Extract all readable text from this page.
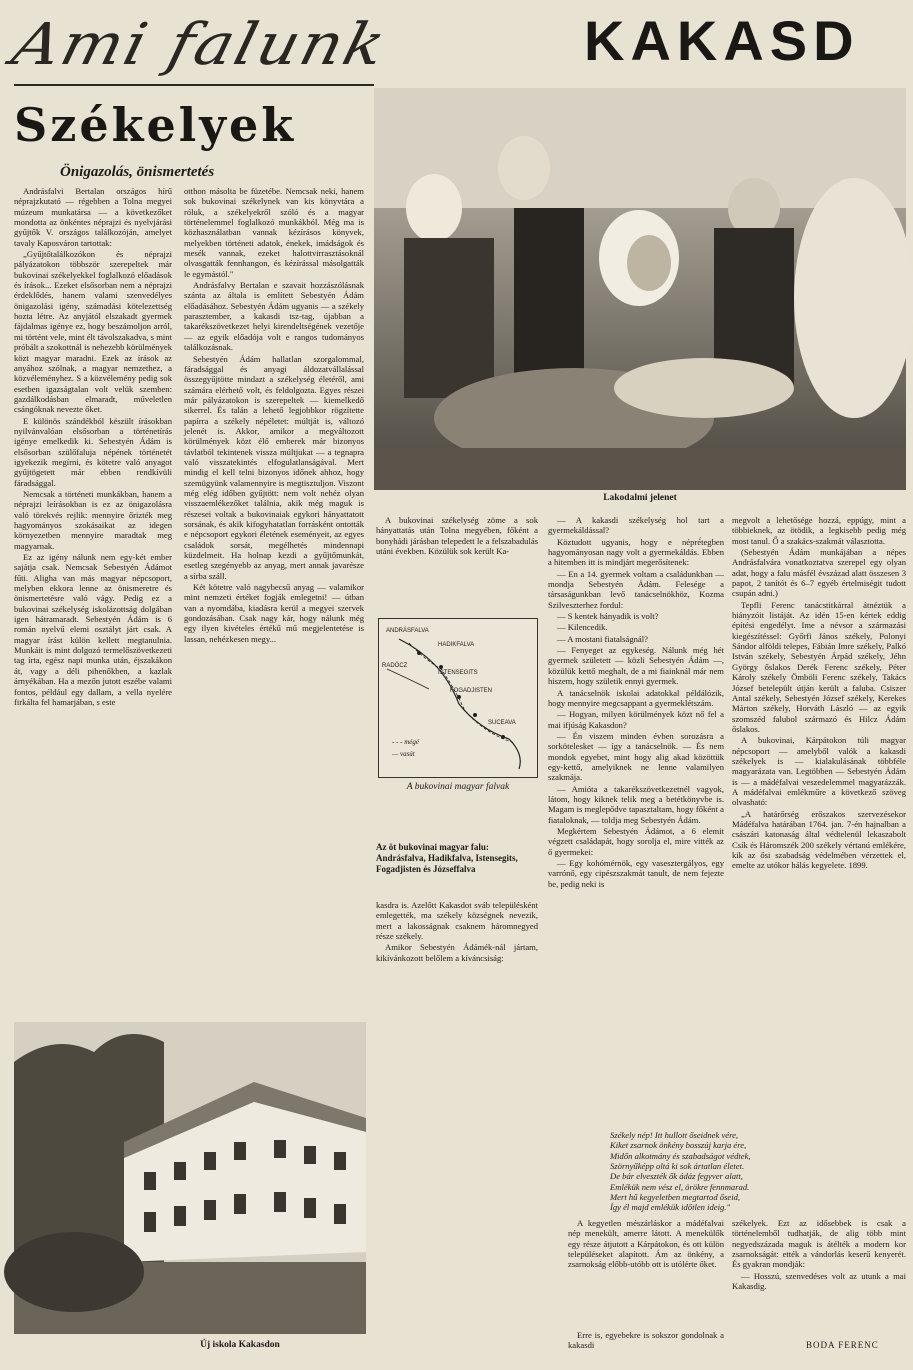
Ami falunk	KAKASD
Székelyek
Önigazolás, önismertetés
Lakodalmi jelenet

Andrásfalvi Bertalan országos hírű néprajzkutató — régebben a Tolna megyei múzeum munkatársa — a következőket mondotta az önkéntes néprajzi és nyelvjárási gyűjtők V. országos találkozóján, amelyet tavaly Kaposváron tartottak:

„Gyűjtőtalálkozókon és néprajzi pályázatokon többször szerepeltek már bukovinai székelyekkel foglalkozó előadások és írások... Ezeket elsősorban nem a néprajzi érdeklődés, hanem valami szenvedélyes önigazolási igény, számadási kötelezettség hozta létre. Az anyjától elszakadt gyermek fájdalmas igénye ez, hogy beszámoljon arról, mi történt vele, mint élt távolszakadva, s mint próbált a szokottnál is nehezebb körülmények közt magyar maradni. Ezek az írások az anyához szólnak, a magyar nemzethez, a közvéleményhez. S a közvélemény pedig sok esetben igazságtalan volt velük szemben: gazdálkodásban elmaradt, műveletlen csángóknak nevezte őket.

E különös szándékból készült írásokban nyilvánvalóan elsősorban a történetírás igénye emelkedik ki. Sebestyén Ádám is elsősorban szülőfaluja népének történetét igyekezik megírni, és kötetre való anyagot gyűjtögetett már ebben rendkívüli fáradsággal.

Nemcsak a történeti munkákban, hanem a néprajzi leírásokban is ez az önigazolásra való törekvés rejlik: mennyire őrizték meg hagyományos szokásaikat az idegen környezetben mennyire maradtak meg magyarnak.

Ez az igény nálunk nem egy-két ember sajátja csak. Nemcsak Sebestyén Ádámot fűti. Aligha van más magyar népcsoport, melyben ekkora lenne az önismeretre és önismertetésre való vágy. Pedig ez a bukovinai székelység iskolázottság dolgában igen hátramaradt. Sebestyén Ádám is 6 román nyelvű elemi osztályt járt csak. A magyar írást külön kellett megtanulnia. Munkáit is mint dolgozó termelőszövetkezeti tag írta, egész napi munka után, éjszakákon át, vagy a déli pihenőkben, a kazlak árnyékában. Ha a mezőn jutott eszébe valami fontos, például egy dallam, a vella nyelére firkálta fel hamarjában, s este

otthon másolta be füzetébe. Nemcsak neki, hanem sok bukovinai székelynek van kis könyvtára a róluk, a székelyekről szóló és a magyar történelemmel foglalkozó munkákból. Még ma is közhasználatban vannak kézírásos könyvek, melyekben történeti adatok, énekek, imádságok és mesék vannak, ezeket halottvirrasztásoknál olvasgatták fennhangon, és kézírással másolgatták le egymástól."

Andrásfalvy Bertalan e szavait hozzászólásnak szánta az általa is említett Sebestyén Ádám előadásához. Sebestyén Ádám ugyanis — a székely parasztember, a kakasdi tsz-tag, újabban a takarékszövetkezet helyi kirendeltségének vezetője — az egyik előadója volt e rangos tudományos találkozásnak.

Sebestyén Ádám hallatlan szorgalommal, fáradsággal és anyagi áldozatvállalással összegyűjtötte mindazt a székelység életéről, ami számára elérhető volt, és feldolgozta. Egyes részei már pályázatokon is szerepeltek — kiemelkedő sikerrel. És talán a lehető legjobbkor rögzítette papírra a székely népéletet: múltját is, változó jelenét is. Akkor, amikor a megváltozott körülmények közt élő emberek már bizonyos távlatból tekintenek vissza múltjukat — a tegnapra való visszatekintés elfogulatlanságával. Mert mindig el kell telni bizonyos időnek ahhoz, hogy szemügyünk valamennyire is megtisztuljon. Viszont még elég időben gyűjtött: nem volt nehéz olyan visszaemlékezőket találnia, akik még maguk is részesei voltak a bukovinaiak egykori hányattatott sorsának, és akik kifogyhatatlan forrásként ontották e népcsoport egykori életének eseményeit, az egyes családok sorsát, megélhetés mindennapi küzdelmeit. Ha holnap kezdi a gyűjtőmunkát, esetleg szegényebb az anyag, mert annak javarésze a sírba száll.

Két kötetre való nagybecsű anyag — valamikor mint nemzeti értéket fogják emlegetni! — útban van a nyomdába, kiadásra kerül a megyei szervek gondozásában. Csak nagy kár, hogy nálunk még egy ilyen kivételes értékű mű megjelentetése is lassan, nehézkesen megy...

A bukovinai székelység zöme a sok hányattatás után Tolna megyében, főként a bonyhádi járásban telepedett le a felszabadulás utáni években. Közülük sok került Ka-

ANDRÁSFALVA
HADIKFALVA
RADÓCZ
ISTENSEGITS
FOGADJISTEN
SUCEAVA
- - - mégé
— vasút
A bukovinai magyar falvak
Az öt bukovinai magyar falu: Andrásfalva, Hadikfalva, Istensegits, Fogadjisten és Józseffalva

kasdra is. Azelőtt Kakasdot sváb településként emlegették, ma székely községnek nevezik, mert a lakosságnak csaknem háromnegyed része székely.

Amikor Sebestyén Ádámék-nál jártam, kikívánkozott belőlem a kíváncsiság:

— A kakasdi székelység hol tart a gyermekáldással?

Köztudott ugyanis, hogy e népré́tegben hagyományosan nagy volt a gyermekáldás. Ebben a hitemben itt is mindjárt megerősítenek:

— En a 14. gyermek voltam a családunkban — mondja Sebestyén Ádám. Felesége a társaságunkban levő tanácselnökhöz, Kozma Szilveszterhez fordul:

— S kentek hányadik is volt?

— Kilencedik.

— A mostani fiatalságnál?

— Fenyeget az egykeség. Nálunk még hét gyermek született — közli Sebestyén Ádám —, közülük kettő meghalt, de a mi fiainknál már nem hiszem, hogy születik ennyi gyermek.

A tanácselnök iskolai adatokkal példálózik, hogy mennyire megcsappant a gyermeklétszám.

— Hogyan, milyen körülmények közt nő fel a mai ifjúság Kakasdon?

— Én viszem minden évben sorozásra a sorkötelesket — így a tanácselnök. — És nem mondok egyebet, mint hogy alig akad közöttük egy-kettő, amelyiknek ne lenne valamilyen szakmája.

— Amióta a takarékszövetkezetnél vagyok, látom, hogy kiknek telik meg a betétkönyvbe is. Magam is meglepődve tapasztaltam, hogy főként a fiataloknak, — toldja meg Sebestyén Ádám.

Megkértem Sebestyén Ádámot, a 6 elemit végzett családapát, hogy sorolja el, mire vitték az ő gyermekei:

— Egy kohómérnök, egy vasesztergályos, egy varrónő, egy cipészszakmát tanult, de nem fejezte be, pedig neki is

megvolt a lehetősége hozzá, eppúgy, mint a többieknek, az ötödik, a legkisebb pedig még most tanul. Ő a szakács-szakmát választotta.

(Sebestyén Ádám munkájában a népes Andrásfalvára vonatkoztatva szerepel egy olyan adat, hogy a falu másfél évszázad alatt összesen 3 papot, 2 tanítót és 6–7 egyéb értelmiségit tudott csupán adni.)

Tepfli Ferenc tanácstitkárral átnéztük a hiányzóit listáját. Az idén 15-en kértek eddig építési engedélyt. Ime a névsor a származási kiegészítéssel: Győrfi János székely, Polonyi Sándor alföldi telepes, Fábián Imre székely, Palkó István székely, Sebestyén Árpád székely, Jéhn György őslakos Derék Ferenc székely, Péter Károly székely Ömböli Ferenc székely, Takács József betelepült útján került a faluba. Csiszer Antal székely, Sebestyén József székely, Kerekes Márton székely, Horváth László — az egyik szomszéd falubol származó és Hilcz Ádám őslakos.

A bukovinai, Kárpátokon túli magyar népcsoport — amelyből valók a kakasdi székelyek is — kialakulásának többféle magyarázata van. Legtöbben — Sebestyén Ádám is — a mádéfalvai veszedelemmel magyarázzák. A mádéfalvai emlékműre a következő szöveg olvasható:

„A határőrség erőszakos szervezésekor Mádéfalva határában 1764. jan. 7-én hajnalban a császári katonaság által védtelenül lekaszabolt Csík és Háromszék 200 székely vértanú emlékére, kik az ősi szabadság védelmében vérzettek el, emelte az utókor hálás kegyelete. 1899.

Székely nép! Itt hullott őseidnek vére,
Kiket zsarnok önkény bosszúj karja ére,
Midőn alkotmány és szabadságot védtek,
Szörnyűképp oltá ki sok ártatlan életet.
De bár elveszték ők ádáz fegyver alatt,
Emlékük nem vész el, örökre fennmarad.
Mert hű kegyeletben megtartod őseid,
Így él majd emlékük időtlen ideig."

A kegyetlen mészárláskor a mádéfalvai nép menekült, amerre látott. A menekülők egy része átjutott a Kárpátokon, és ott külön településeket alapított. Ám az önkény, a zsarnokság előbb-utóbb ott is utólérte őket.

Erre is, egyebekre is sokszor gondolnak a kakasdi

székelyek. Ezt az idősebbek is csak a történelemből tudhatják, de alig több mint negyedszázada maguk is átélték a modern kor zsarnokságát: ették a vándorlás keserű kenyerét. És gyakran mondják:

— Hosszú, szenvedéses volt az utunk a mai Kakasdig.

BODA FERENC
Új iskola Kakasdon
